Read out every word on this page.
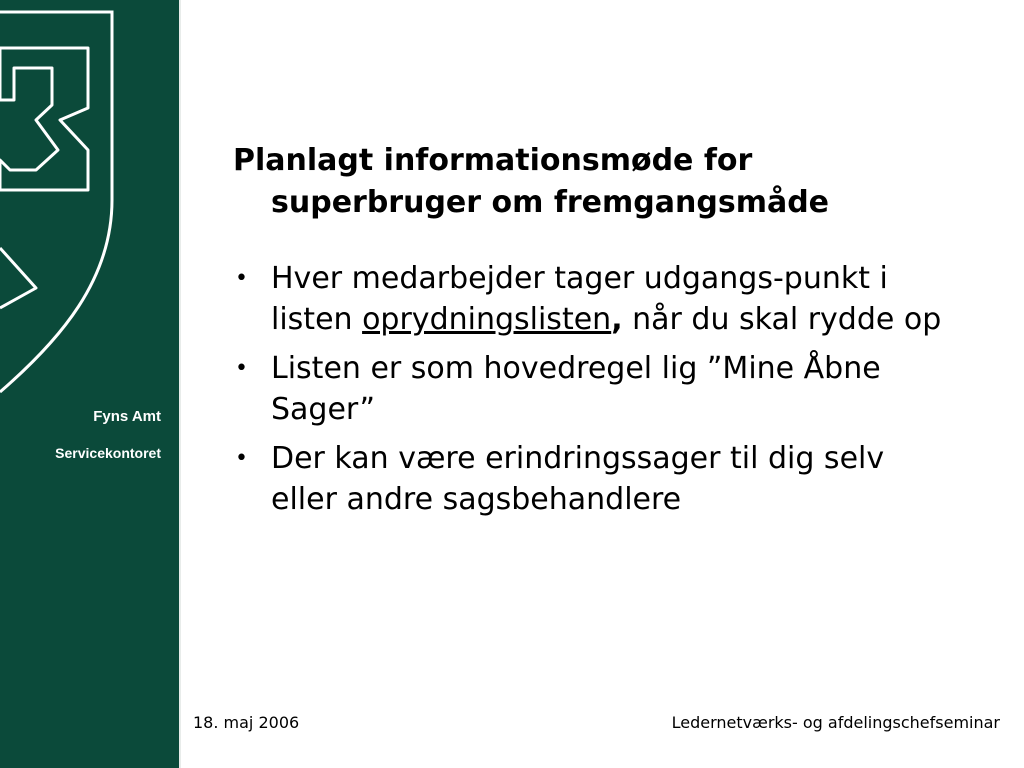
Fyns Amt
Servicekontoret
Planlagt informationsmøde for superbruger om fremgangsmåde
• Hver medarbejder tager udgangs-punkt i listen oprydningslisten, når du skal rydde op
• Listen er som hovedregel lig ”Mine Åbne Sager”
• Der kan være erindringssager til dig selv eller andre sagsbehandlere
18. maj 2006	Ledernetværks- og afdelingschefseminar
